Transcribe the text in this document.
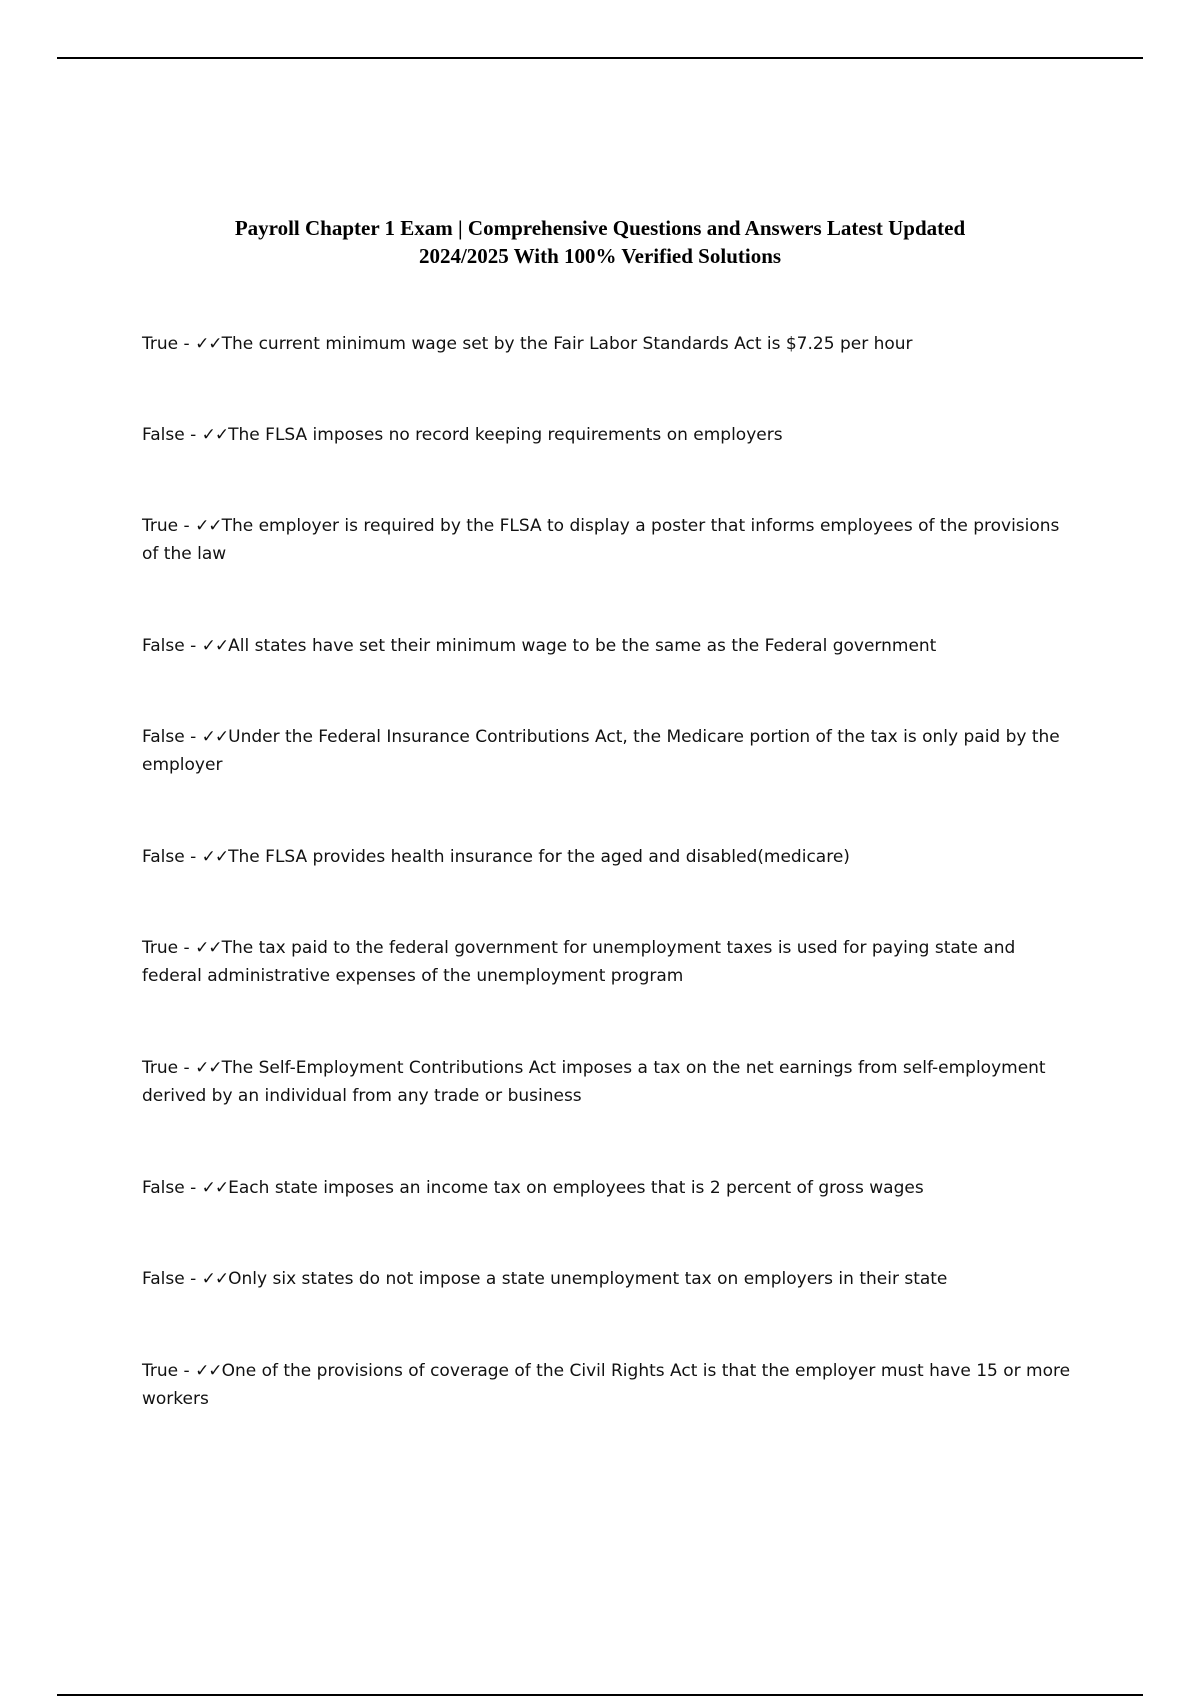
Payroll Chapter 1 Exam | Comprehensive Questions and Answers Latest Updated
2024/2025 With 100% Verified Solutions

True - ✓✓The current minimum wage set by the Fair Labor Standards Act is $7.25 per hour

False - ✓✓The FLSA imposes no record keeping requirements on employers

True - ✓✓The employer is required by the FLSA to display a poster that informs employees of the provisions of the law

False - ✓✓All states have set their minimum wage to be the same as the Federal government

False - ✓✓Under the Federal Insurance Contributions Act, the Medicare portion of the tax is only paid by the employer

False - ✓✓The FLSA provides health insurance for the aged and disabled(medicare)

True - ✓✓The tax paid to the federal government for unemployment taxes is used for paying state and federal administrative expenses of the unemployment program

True - ✓✓The Self-Employment Contributions Act imposes a tax on the net earnings from self-employment derived by an individual from any trade or business

False - ✓✓Each state imposes an income tax on employees that is 2 percent of gross wages

False - ✓✓Only six states do not impose a state unemployment tax on employers in their state

True - ✓✓One of the provisions of coverage of the Civil Rights Act is that the employer must have 15 or more workers
